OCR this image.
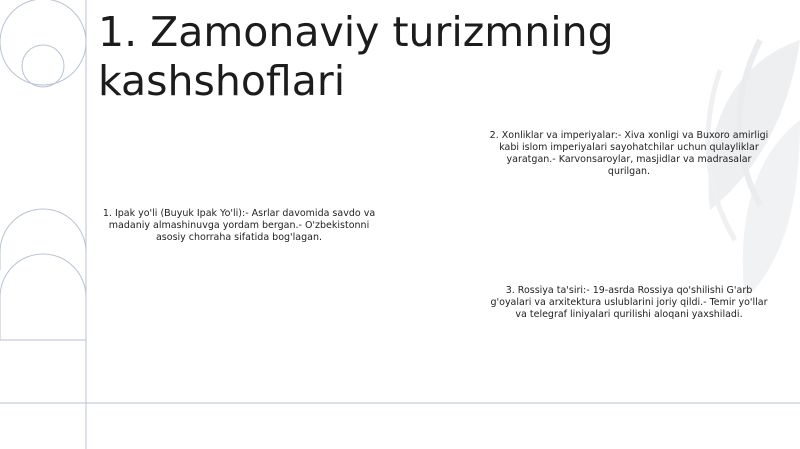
1. Zamonaviy turizmning kashshoflari

1. Ipak yo'li (Buyuk Ipak Yo'li):- Asrlar davomida savdo va madaniy almashinuvga yordam bergan.- O'zbekistonni asosiy chorraha sifatida bog'lagan.

2. Xonliklar va imperiyalar:- Xiva xonligi va Buxoro amirligi kabi islom imperiyalari sayohatchilar uchun qulayliklar yaratgan.- Karvonsaroylar, masjidlar va madrasalar qurilgan.

3. Rossiya ta'siri:- 19-asrda Rossiya qo'shilishi G'arb g'oyalari va arxitektura uslublarini joriy qildi.- Temir yo'llar va telegraf liniyalari qurilishi aloqani yaxshiladi.
